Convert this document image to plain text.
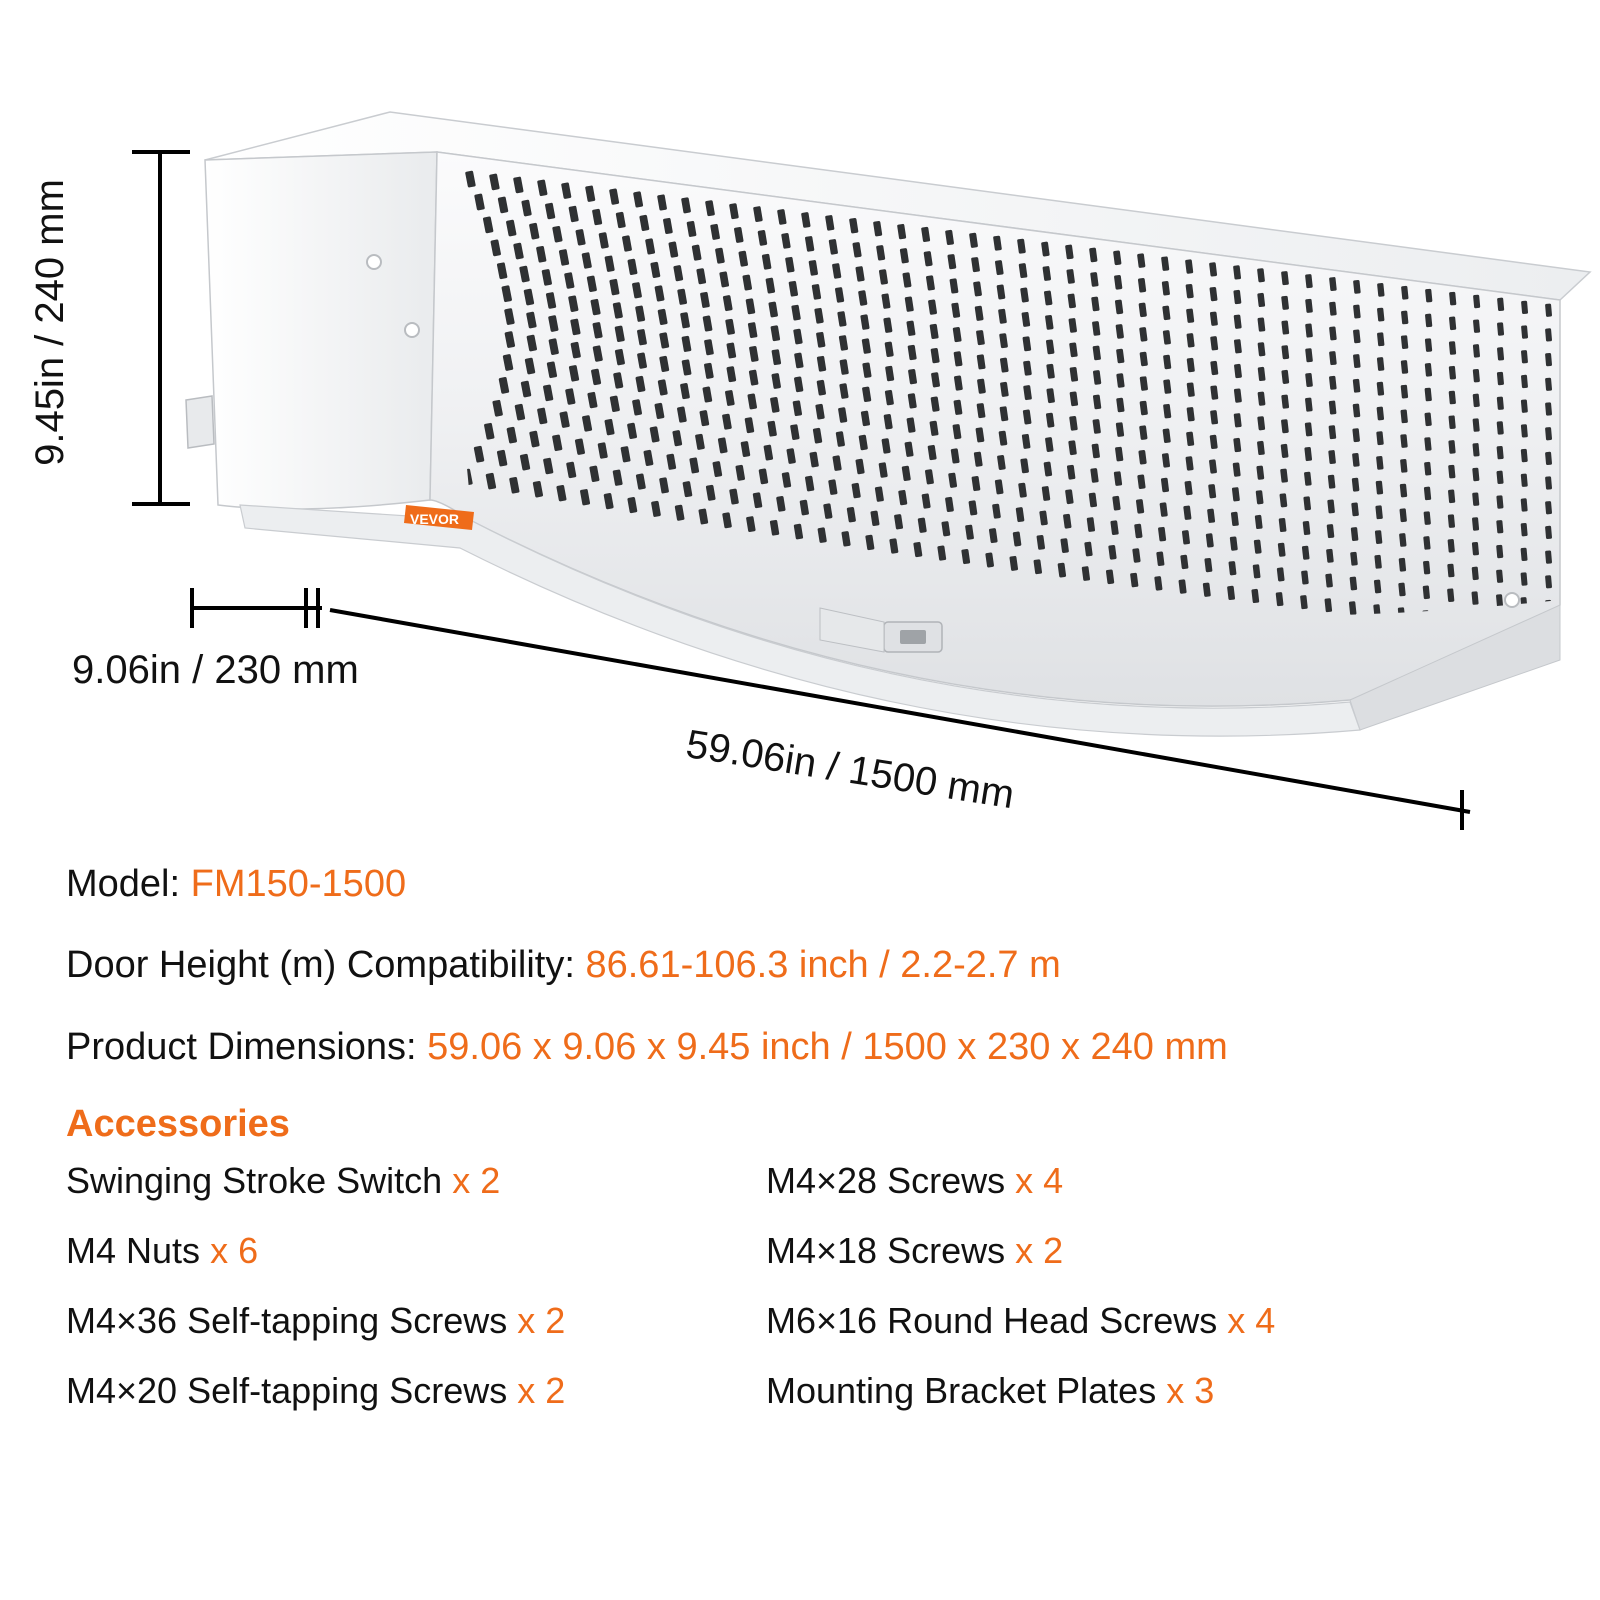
VEVOR
9.45in / 240 mm
9.06in / 230 mm
59.06in / 1500 mm

Model: FM150-1500

Door Height (m) Compatibility: 86.61-106.3 inch / 2.2-2.7 m

Product Dimensions: 59.06 x 9.06 x 9.45 inch / 1500 x 230 x 240 mm

Accessories
Swinging Stroke Switch x 2	M4×28 Screws x 4
M4 Nuts x 6	M4×18 Screws x 2
M4×36 Self-tapping Screws x 2	M6×16 Round Head Screws x 4
M4×20 Self-tapping Screws x 2	Mounting Bracket Plates x 3
